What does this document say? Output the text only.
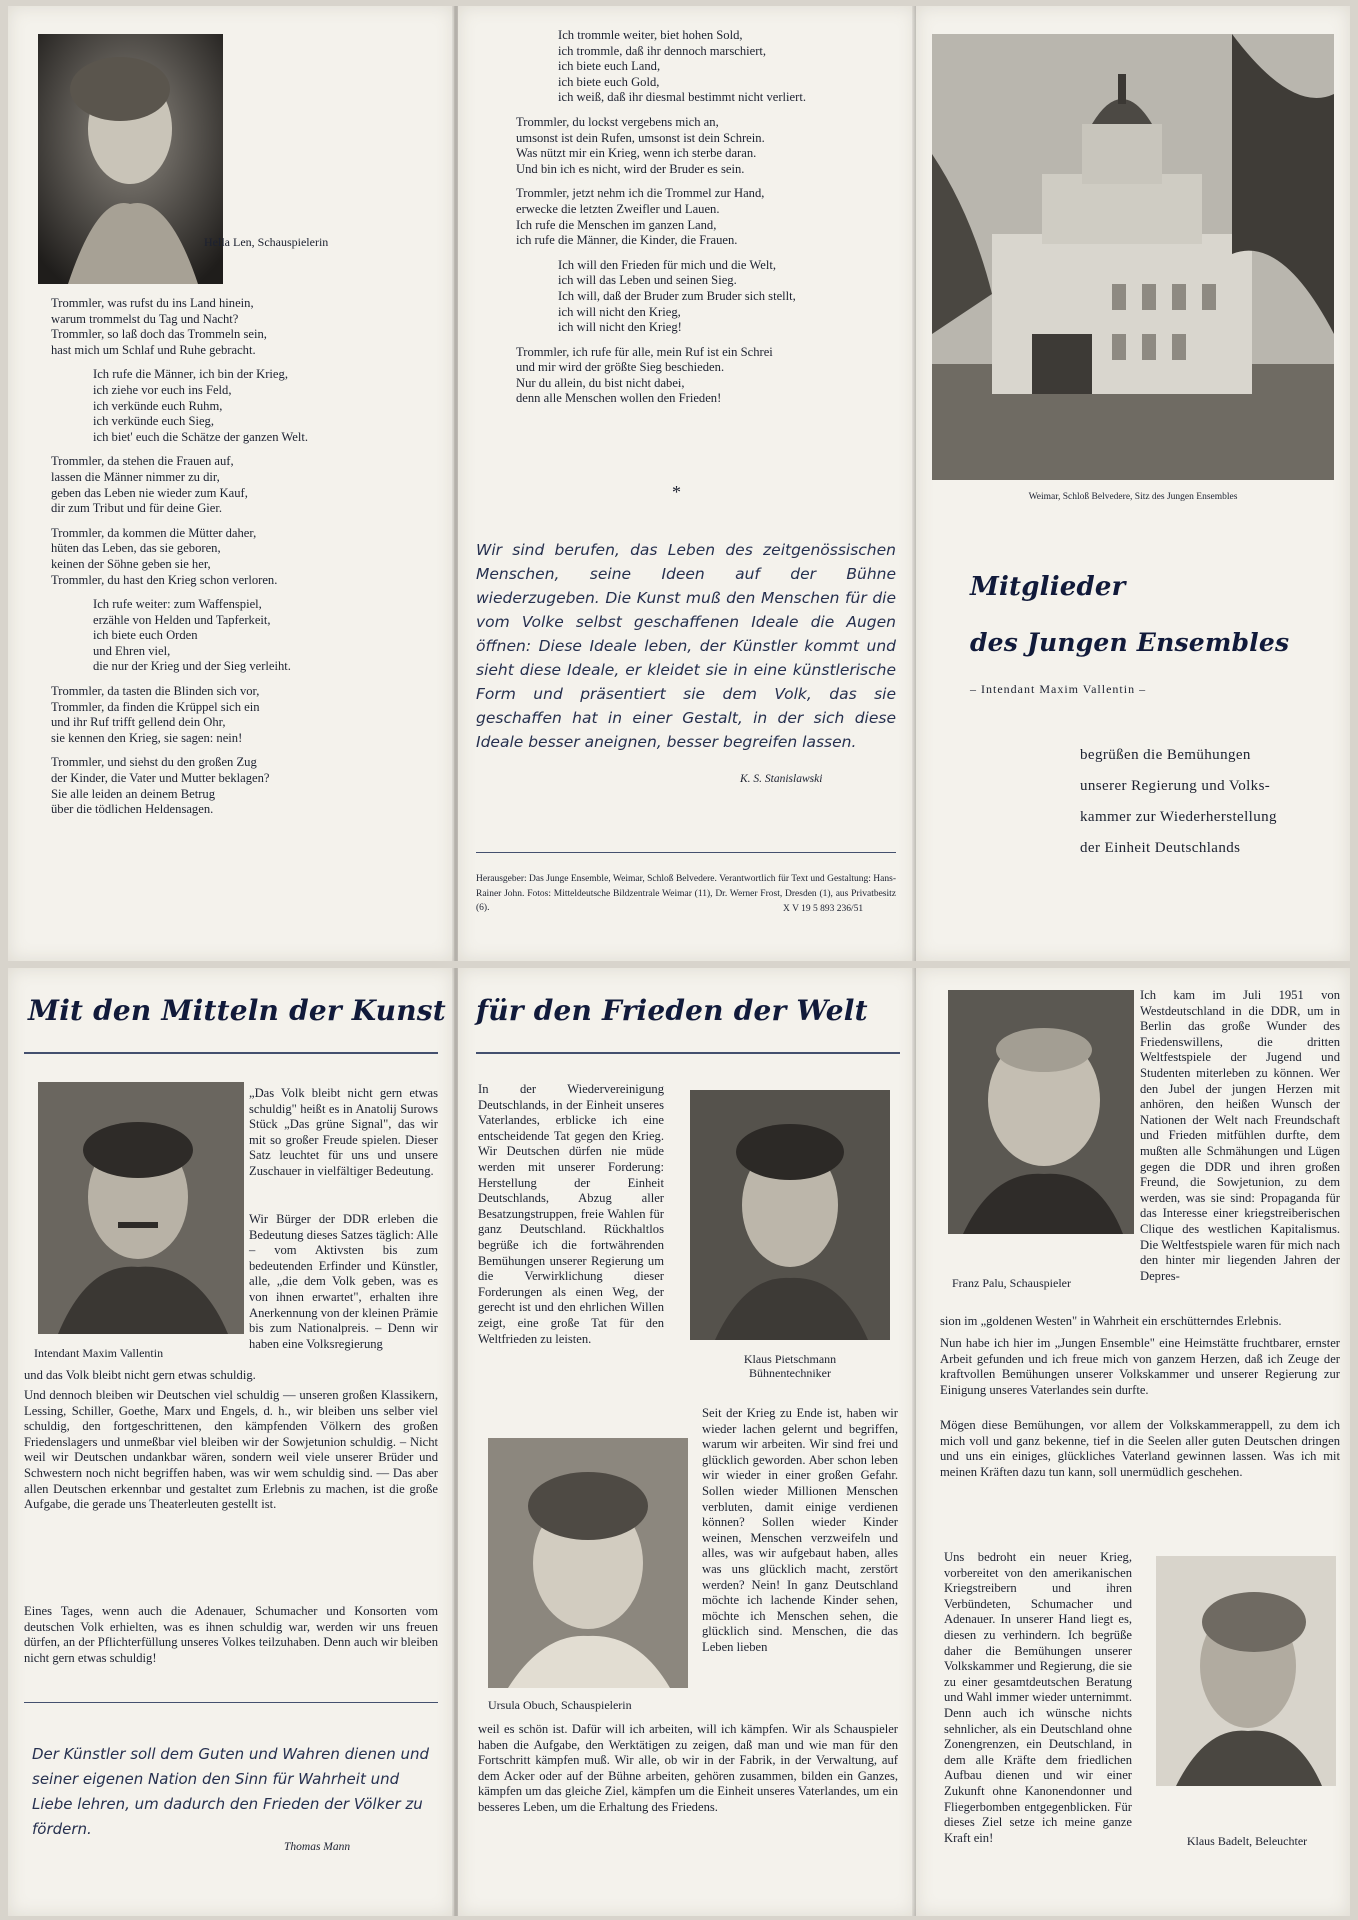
Hella Len, Schauspielerin

Trommler, was rufst du ins Land hinein,
warum trommelst du Tag und Nacht?
Trommler, so laß doch das Trommeln sein,
hast mich um Schlaf und Ruhe gebracht.

Ich rufe die Männer, ich bin der Krieg,
ich ziehe vor euch ins Feld,
ich verkünde euch Ruhm,
ich verkünde euch Sieg,
ich biet' euch die Schätze der ganzen Welt.

Trommler, da stehen die Frauen auf,
lassen die Männer nimmer zu dir,
geben das Leben nie wieder zum Kauf,
dir zum Tribut und für deine Gier.

Trommler, da kommen die Mütter daher,
hüten das Leben, das sie geboren,
keinen der Söhne geben sie her,
Trommler, du hast den Krieg schon verloren.

Ich rufe weiter: zum Waffenspiel,
erzähle von Helden und Tapferkeit,
ich biete euch Orden
und Ehren viel,
die nur der Krieg und der Sieg verleiht.

Trommler, da tasten die Blinden sich vor,
Trommler, da finden die Krüppel sich ein
und ihr Ruf trifft gellend dein Ohr,
sie kennen den Krieg, sie sagen: nein!

Trommler, und siehst du den großen Zug
der Kinder, die Vater und Mutter beklagen?
Sie alle leiden an deinem Betrug
über die tödlichen Heldensagen.

Ich trommle weiter, biet hohen Sold,
ich trommle, daß ihr dennoch marschiert,
ich biete euch Land,
ich biete euch Gold,
ich weiß, daß ihr diesmal bestimmt nicht verliert.

Trommler, du lockst vergebens mich an,
umsonst ist dein Rufen, umsonst ist dein Schrein.
Was nützt mir ein Krieg, wenn ich sterbe daran.
Und bin ich es nicht, wird der Bruder es sein.

Trommler, jetzt nehm ich die Trommel zur Hand,
erwecke die letzten Zweifler und Lauen.
Ich rufe die Menschen im ganzen Land,
ich rufe die Männer, die Kinder, die Frauen.

Ich will den Frieden für mich und die Welt,
ich will das Leben und seinen Sieg.
Ich will, daß der Bruder zum Bruder sich stellt,
ich will nicht den Krieg,
ich will nicht den Krieg!

Trommler, ich rufe für alle, mein Ruf ist ein Schrei
und mir wird der größte Sieg beschieden.
Nur du allein, du bist nicht dabei,
denn alle Menschen wollen den Frieden!

*
Wir sind berufen, das Leben des zeitgenössischen Menschen, seine Ideen auf der Bühne wiederzugeben. Die Kunst muß den Menschen für die vom Volke selbst geschaffenen Ideale die Augen öffnen: Diese Ideale leben, der Künstler kommt und sieht diese Ideale, er kleidet sie in eine künstlerische Form und präsentiert sie dem Volk, das sie geschaffen hat in einer Gestalt, in der sich diese Ideale besser aneignen, besser begreifen lassen.
K. S. Stanislawski
Herausgeber: Das Junge Ensemble, Weimar, Schloß Belvedere. Verantwortlich für Text und Gestaltung: Hans-Rainer John. Fotos: Mitteldeutsche Bildzentrale Weimar (11), Dr. Werner Frost, Dresden (1), aus Privatbesitz (6).	X V 19 5 893 236/51
Weimar, Schloß Belvedere, Sitz des Jungen Ensembles
Mitglieder
des Jungen Ensembles
– Intendant Maxim Vallentin –
begrüßen die Bemühungen
unserer Regierung und Volks-
kammer zur Wiederherstellung
der Einheit Deutschlands
Mit den Mitteln der Kunst
Intendant Maxim Vallentin
„Das Volk bleibt nicht gern etwas schuldig" heißt es in Anatolij Surows Stück „Das grüne Signal", das wir mit so großer Freude spielen. Dieser Satz leuchtet für uns und unsere Zuschauer in vielfältiger Bedeutung.
Wir Bürger der DDR erleben die Bedeutung dieses Satzes täglich: Alle – vom Aktivsten bis zum bedeutenden Erfinder und Künstler, alle, „die dem Volk geben, was es von ihnen erwartet", erhalten ihre Anerkennung von der kleinen Prämie bis zum Nationalpreis. – Denn wir haben eine Volksregierung
und das Volk bleibt nicht gern etwas schuldig.
Und dennoch bleiben wir Deutschen viel schuldig — unseren großen Klassikern, Lessing, Schiller, Goethe, Marx und Engels, d. h., wir bleiben uns selber viel schuldig, den fortgeschrittenen, den kämpfenden Völkern des großen Friedenslagers und unmeßbar viel bleiben wir der Sowjetunion schuldig. – Nicht weil wir Deutschen undankbar wären, sondern weil viele unserer Brüder und Schwestern noch nicht begriffen haben, was wir wem schuldig sind. — Das aber allen Deutschen erkennbar und gestaltet zum Erlebnis zu machen, ist die große Aufgabe, die gerade uns Theaterleuten gestellt ist.
Eines Tages, wenn auch die Adenauer, Schumacher und Konsorten vom deutschen Volk erhielten, was es ihnen schuldig war, werden wir uns freuen dürfen, an der Pflichterfüllung unseres Volkes teilzuhaben. Denn auch wir bleiben nicht gern etwas schuldig!
Der Künstler soll dem Guten und Wahren dienen und seiner eigenen Nation den Sinn für Wahrheit und Liebe lehren, um dadurch den Frieden der Völker zu fördern.
Thomas Mann
für den Frieden der Welt
In der Wiedervereinigung Deutschlands, in der Einheit unseres Vaterlandes, erblicke ich eine entscheidende Tat gegen den Krieg. Wir Deutschen dürfen nie müde werden mit unserer Forderung: Herstellung der Einheit Deutschlands, Abzug aller Besatzungstruppen, freie Wahlen für ganz Deutschland. Rückhaltlos begrüße ich die fortwährenden Bemühungen unserer Regierung um die Verwirklichung dieser Forderungen als einen Weg, der gerecht ist und den ehrlichen Willen zeigt, eine große Tat für den Weltfrieden zu leisten.
Klaus Pietschmann
Bühnentechniker
Ursula Obuch, Schauspielerin
Seit der Krieg zu Ende ist, haben wir wieder lachen gelernt und begriffen, warum wir arbeiten. Wir sind frei und glücklich geworden. Aber schon leben wir wieder in einer großen Gefahr. Sollen wieder Millionen Menschen verbluten, damit einige verdienen können? Sollen wieder Kinder weinen, Menschen verzweifeln und alles, was wir aufgebaut haben, alles was uns glücklich macht, zerstört werden? Nein! In ganz Deutschland möchte ich lachende Kinder sehen, möchte ich Menschen sehen, die glücklich sind. Menschen, die das Leben lieben
weil es schön ist. Dafür will ich arbeiten, will ich kämpfen. Wir als Schauspieler haben die Aufgabe, den Werktätigen zu zeigen, daß man und wie man für den Fortschritt kämpfen muß. Wir alle, ob wir in der Fabrik, in der Verwaltung, auf dem Acker oder auf der Bühne arbeiten, gehören zusammen, bilden ein Ganzes, kämpfen um das gleiche Ziel, kämpfen um die Einheit unseres Vaterlandes, um ein besseres Leben, um die Erhaltung des Friedens.
Franz Palu, Schauspieler
Ich kam im Juli 1951 von Westdeutschland in die DDR, um in Berlin das große Wunder des Friedenswillens, die dritten Weltfestspiele der Jugend und Studenten miterleben zu können. Wer den Jubel der jungen Herzen mit anhören, den heißen Wunsch der Nationen der Welt nach Freundschaft und Frieden mitfühlen durfte, dem mußten alle Schmähungen und Lügen gegen die DDR und ihren großen Freund, die Sowjetunion, zu dem werden, was sie sind: Propaganda für das Interesse einer kriegstreiberischen Clique des westlichen Kapitalismus. Die Weltfestspiele waren für mich nach den hinter mir liegenden Jahren der Depres-
sion im „goldenen Westen" in Wahrheit ein erschütterndes Erlebnis.
Nun habe ich hier im „Jungen Ensemble" eine Heimstätte fruchtbarer, ernster Arbeit gefunden und ich freue mich von ganzem Herzen, daß ich Zeuge der kraftvollen Bemühungen unserer Volkskammer und unserer Regierung zur Einigung unseres Vaterlandes sein durfte.
Mögen diese Bemühungen, vor allem der Volkskammerappell, zu dem ich mich voll und ganz bekenne, tief in die Seelen aller guten Deutschen dringen und uns ein einiges, glückliches Vaterland gewinnen lassen. Was ich mit meinen Kräften dazu tun kann, soll unermüdlich geschehen.
Uns bedroht ein neuer Krieg, vorbereitet von den amerikanischen Kriegstreibern und ihren Verbündeten, Schumacher und Adenauer. In unserer Hand liegt es, diesen zu verhindern. Ich begrüße daher die Bemühungen unserer Volkskammer und Regierung, die sie zu einer gesamtdeutschen Beratung und Wahl immer wieder unternimmt. Denn auch ich wünsche nichts sehnlicher, als ein Deutschland ohne Zonengrenzen, ein Deutschland, in dem alle Kräfte dem friedlichen Aufbau dienen und wir einer Zukunft ohne Kanonendonner und Fliegerbomben entgegenblicken. Für dieses Ziel setze ich meine ganze Kraft ein!	Klaus Badelt, Beleuchter
